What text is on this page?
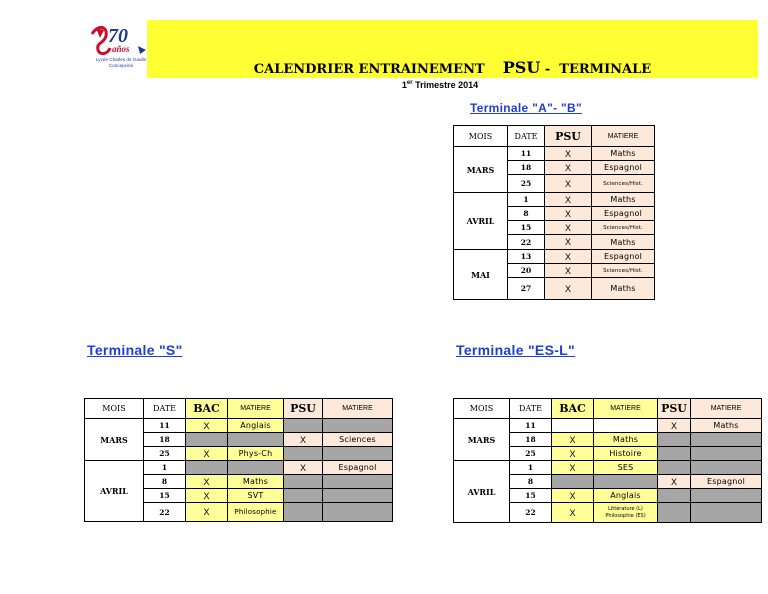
70
años
Lycée Charles de Gaulle
Concepción	CALENDRIER ENTRAINEMENT PSU -  TERMINALE
1er Trimestre 2014
Terminale "A"- "B"
Terminale "S"	Terminale "ES-L"
MOIS	DATE	PSU	MATIERE
MARS	11	X	Maths
	18	X	Espagnol
	25	X	Sciences/Hist.
AVRIL	1	X	Maths
	8	X	Espagnol
	15	X	Sciences/Hist.
	22	X	Maths
MAI	13	X	Espagnol
	20	X	Sciences/Hist.
	27	X	Maths
MOIS	DATE	BAC	MATIERE	PSU	MATIERE
MARS	11	X	Anglais		
	18			X	Sciences
	25	X	Phys-Ch		
AVRIL	1			X	Espagnol
	8	X	Maths		
	15	X	SVT		
	22	X	Philosophie		
MOIS	DATE	BAC	MATIERE	PSU	MATIERE
MARS	11			X	Maths
	18	X	Maths		
	25	X	Histoire		
AVRIL	1	X	SES		
	8			X	Espagnol
	15	X	Anglais		
	22	X	Littérature (L)
Philosophie (ES)		
